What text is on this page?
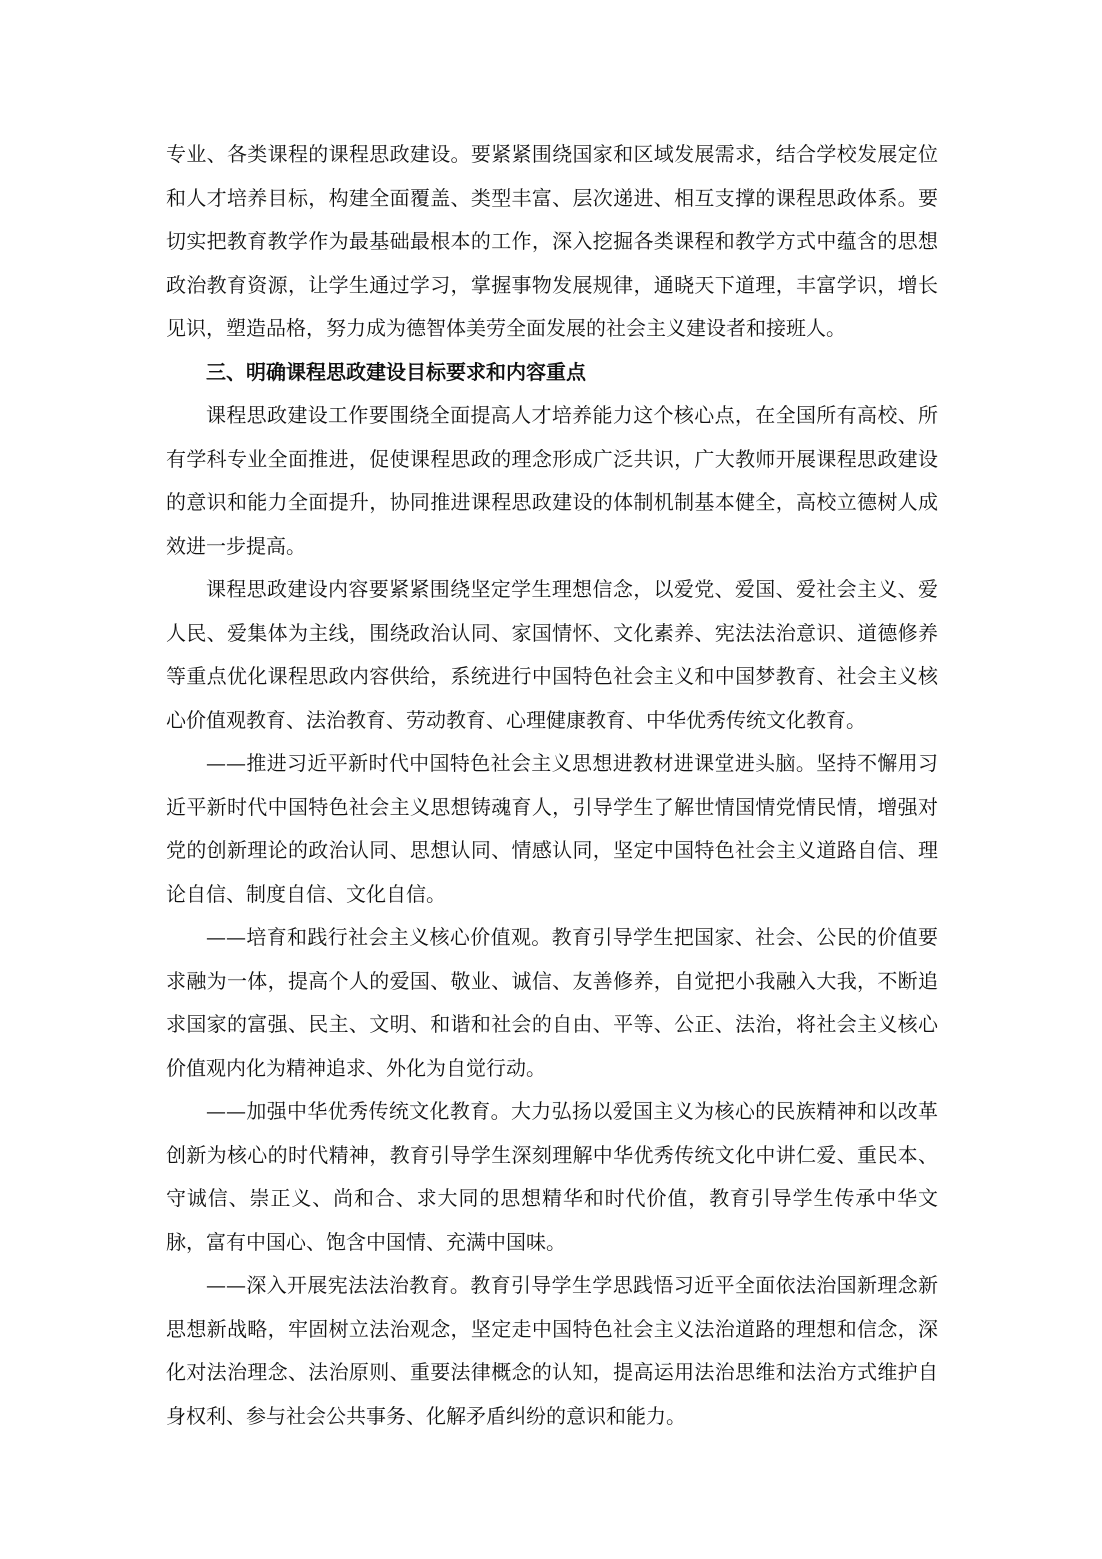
专业、各类课程的课程思政建设。要紧紧围绕国家和区域发展需求，结合学校发展定位和人才培养目标，构建全面覆盖、类型丰富、层次递进、相互支撑的课程思政体系。要切实把教育教学作为最基础最根本的工作，深入挖掘各类课程和教学方式中蕴含的思想政治教育资源，让学生通过学习，掌握事物发展规律，通晓天下道理，丰富学识，增长见识，塑造品格，努力成为德智体美劳全面发展的社会主义建设者和接班人。

三、明确课程思政建设目标要求和内容重点

课程思政建设工作要围绕全面提高人才培养能力这个核心点，在全国所有高校、所有学科专业全面推进，促使课程思政的理念形成广泛共识，广大教师开展课程思政建设的意识和能力全面提升，协同推进课程思政建设的体制机制基本健全，高校立德树人成效进一步提高。

课程思政建设内容要紧紧围绕坚定学生理想信念，以爱党、爱国、爱社会主义、爱人民、爱集体为主线，围绕政治认同、家国情怀、文化素养、宪法法治意识、道德修养等重点优化课程思政内容供给，系统进行中国特色社会主义和中国梦教育、社会主义核心价值观教育、法治教育、劳动教育、心理健康教育、中华优秀传统文化教育。

——推进习近平新时代中国特色社会主义思想进教材进课堂进头脑。坚持不懈用习近平新时代中国特色社会主义思想铸魂育人，引导学生了解世情国情党情民情，增强对党的创新理论的政治认同、思想认同、情感认同，坚定中国特色社会主义道路自信、理论自信、制度自信、文化自信。

——培育和践行社会主义核心价值观。教育引导学生把国家、社会、公民的价值要求融为一体，提高个人的爱国、敬业、诚信、友善修养，自觉把小我融入大我，不断追求国家的富强、民主、文明、和谐和社会的自由、平等、公正、法治，将社会主义核心价值观内化为精神追求、外化为自觉行动。

——加强中华优秀传统文化教育。大力弘扬以爱国主义为核心的民族精神和以改革创新为核心的时代精神，教育引导学生深刻理解中华优秀传统文化中讲仁爱、重民本、守诚信、崇正义、尚和合、求大同的思想精华和时代价值，教育引导学生传承中华文脉，富有中国心、饱含中国情、充满中国味。

——深入开展宪法法治教育。教育引导学生学思践悟习近平全面依法治国新理念新思想新战略，牢固树立法治观念，坚定走中国特色社会主义法治道路的理想和信念，深化对法治理念、法治原则、重要法律概念的认知，提高运用法治思维和法治方式维护自身权利、参与社会公共事务、化解矛盾纠纷的意识和能力。
